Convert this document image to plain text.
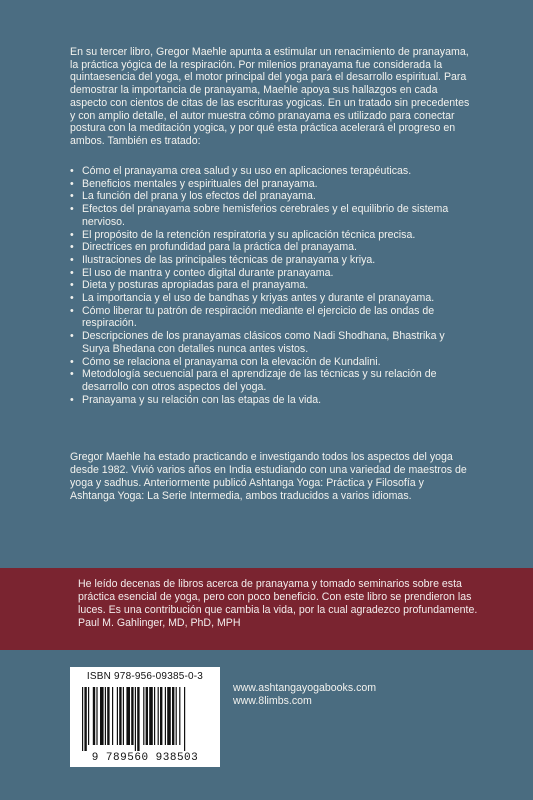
En su tercer libro, Gregor Maehle apunta a estimular un renacimiento de pranayama, la práctica yógica de la respiración. Por milenios pranayama fue considerada la quintaesencia del yoga, el motor principal del yoga para el desarrollo espiritual. Para demostrar la importancia de pranayama, Maehle apoya sus hallazgos en cada aspecto con cientos de citas de las escrituras yogicas. En un tratado sin precedentes y con amplio detalle, el autor muestra cómo pranayama es utilizado para conectar postura con la meditación yogica, y por qué esta práctica acelerará el progreso en ambos. También es tratado:

• Cómo el pranayama crea salud y su uso en aplicaciones terapéuticas.
• Beneficios mentales y espirituales del pranayama.
• La función del prana y los efectos del pranayama.
• Efectos del pranayama sobre hemisferios cerebrales y el equilibrio de sistema nervioso.
• El propósito de la retención respiratoria y su aplicación técnica precisa.
• Directrices en profundidad para la práctica del pranayama.
• Ilustraciones de las principales técnicas de pranayama y kriya.
• El uso de mantra y conteo digital durante pranayama.
• Dieta y posturas apropiadas para el pranayama.
• La importancia y el uso de bandhas y kriyas antes y durante el pranayama.
• Cómo liberar tu patrón de respiración mediante el ejercicio de las ondas de respiración.
• Descripciones de los pranayamas clásicos como Nadi Shodhana, Bhastrika y Surya Bhedana con detalles nunca antes vistos.
• Cómo se relaciona el pranayama con la elevación de Kundalini.
• Metodología secuencial para el aprendizaje de las técnicas y su relación de desarrollo con otros aspectos del yoga.
• Pranayama y su relación con las etapas de la vida.

Gregor Maehle ha estado practicando e investigando todos los aspectos del yoga desde 1982. Vivió varios años en India estudiando con una variedad de maestros de yoga y sadhus. Anteriormente publicó Ashtanga Yoga: Práctica y Filosofía y Ashtanga Yoga: La Serie Intermedia, ambos traducidos a varios idiomas.

He leído decenas de libros acerca de pranayama y tomado seminarios sobre esta práctica esencial de yoga, pero con poco beneficio. Con este libro se prendieron las luces. Es una contribución que cambia la vida, por la cual agradezco profundamente. Paul M. Gahlinger, MD, PhD, MPH

ISBN 978-956-09385-0-3
9 789560 938503
www.ashtangayogabooks.com
www.8limbs.com
